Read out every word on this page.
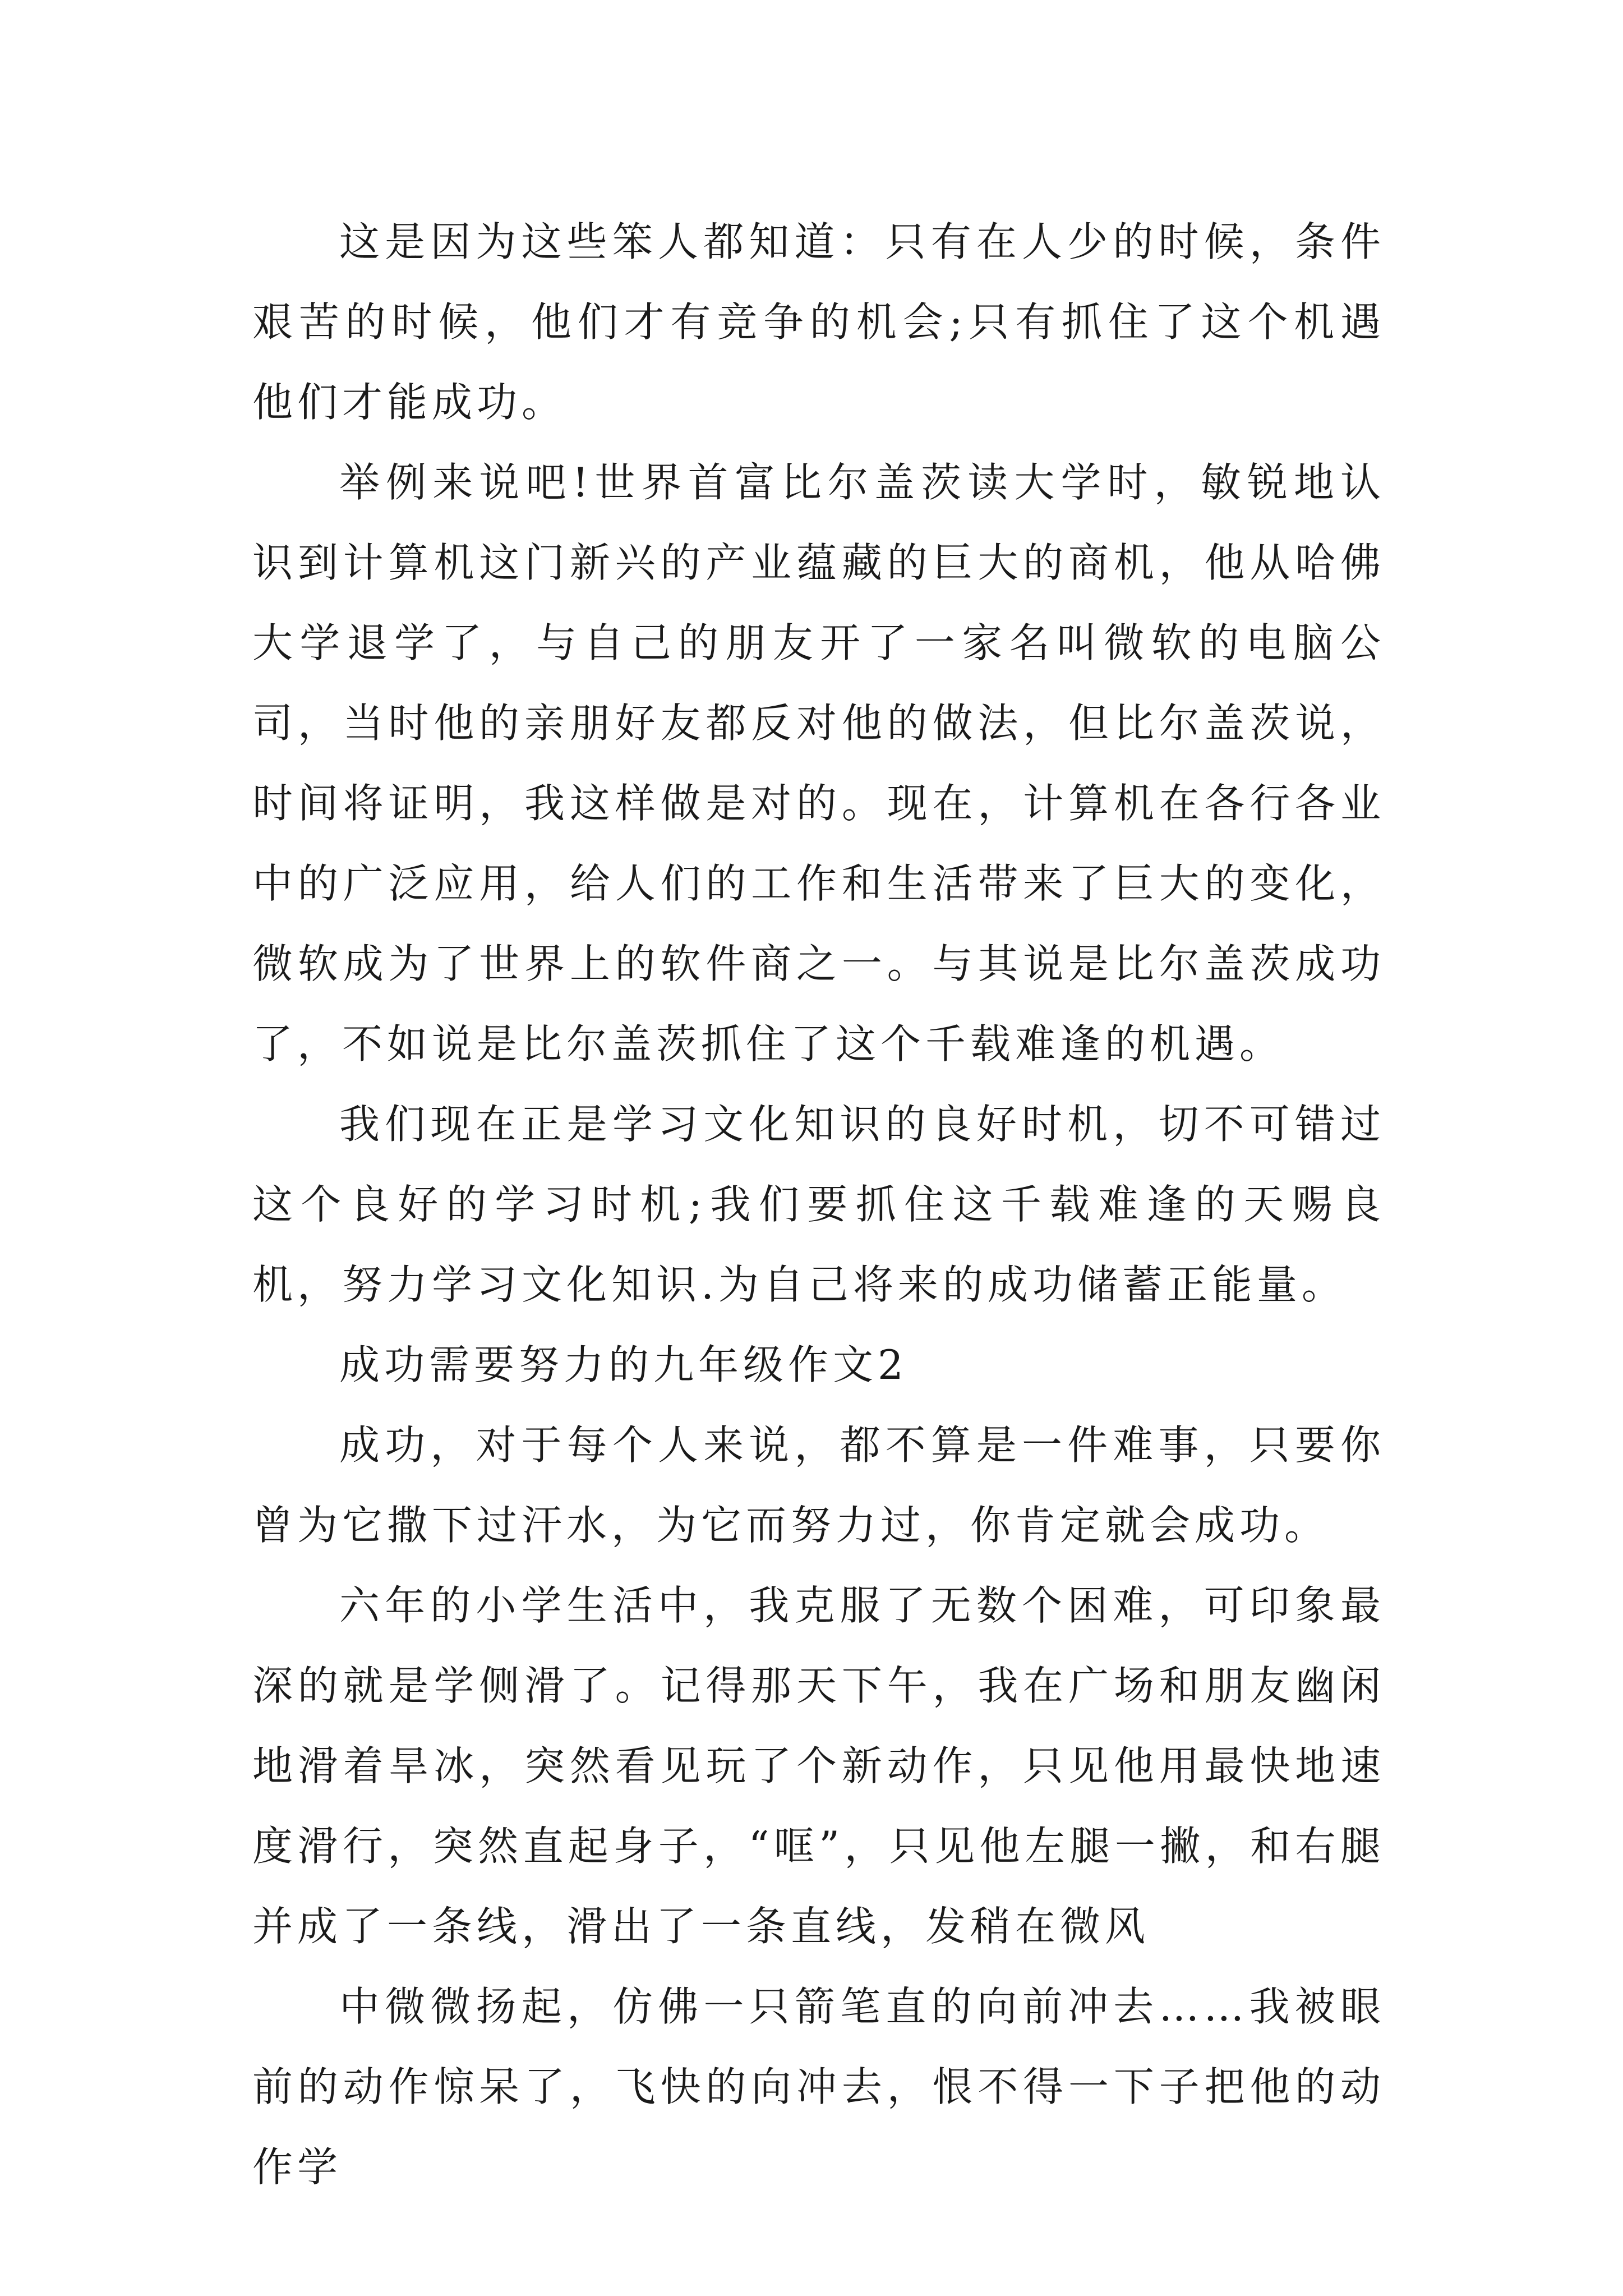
这是因为这些笨人都知道：只有在人少的时候，条件艰苦的时候，他们才有竞争的机会;只有抓住了这个机遇他们才能成功。

举例来说吧!世界首富比尔盖茨读大学时，敏锐地认识到计算机这门新兴的产业蕴藏的巨大的商机，他从哈佛大学退学了，与自己的朋友开了一家名叫微软的电脑公司，当时他的亲朋好友都反对他的做法，但比尔盖茨说，时间将证明，我这样做是对的。现在，计算机在各行各业中的广泛应用，给人们的工作和生活带来了巨大的变化，微软成为了世界上的软件商之一。与其说是比尔盖茨成功了，不如说是比尔盖茨抓住了这个千载难逢的机遇。

我们现在正是学习文化知识的良好时机，切不可错过这个良好的学习时机;我们要抓住这千载难逢的天赐良机，努力学习文化知识.为自己将来的成功储蓄正能量。

成功需要努力的九年级作文2

成功，对于每个人来说，都不算是一件难事，只要你曾为它撒下过汗水，为它而努力过，你肯定就会成功。

六年的小学生活中，我克服了无数个困难，可印象最深的就是学侧滑了。记得那天下午，我在广场和朋友幽闲地滑着旱冰，突然看见玩了个新动作，只见他用最快地速度滑行，突然直起身子，“哐”，只见他左腿一撇，和右腿并成了一条线，滑出了一条直线，发稍在微风

中微微扬起，仿佛一只箭笔直的向前冲去……我被眼前的动作惊呆了，飞快的向冲去，恨不得一下子把他的动作学
